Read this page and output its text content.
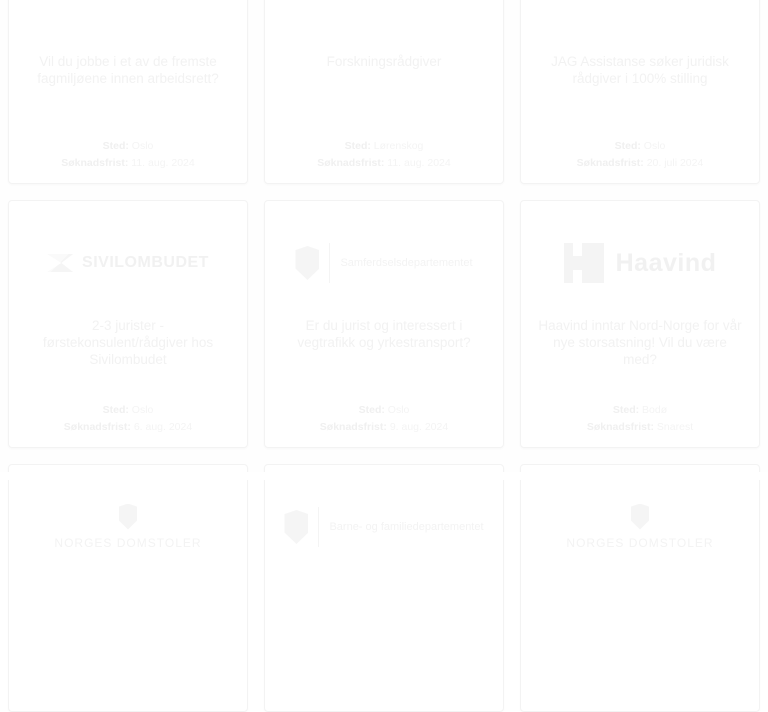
Vil du jobbe i et av de fremste fagmiljøene innen arbeidsrett?
Sted: Oslo
Søknadsfrist: 11. aug. 2024
Forskningsrådgiver
Sted: Lørenskog
Søknadsfrist: 11. aug. 2024
JAG Assistanse søker juridisk rådgiver i 100% stilling
Sted: Oslo
Søknadsfrist: 20. juli 2024
SIVILOMBUDET
2-3 jurister - førstekonsulent/rådgiver hos Sivilombudet
Sted: Oslo
Søknadsfrist: 6. aug. 2024
Samferdselsdepartementet
Er du jurist og interessert i vegtrafikk og yrkestransport?
Sted: Oslo
Søknadsfrist: 9. aug. 2024
Haavind
Haavind inntar Nord-Norge for vår nye storsatsning! Vil du være med?
Sted: Bodø
Søknadsfrist: Snarest
NORGES DOMSTOLER
Barne- og familiedepartementet
NORGES DOMSTOLER
